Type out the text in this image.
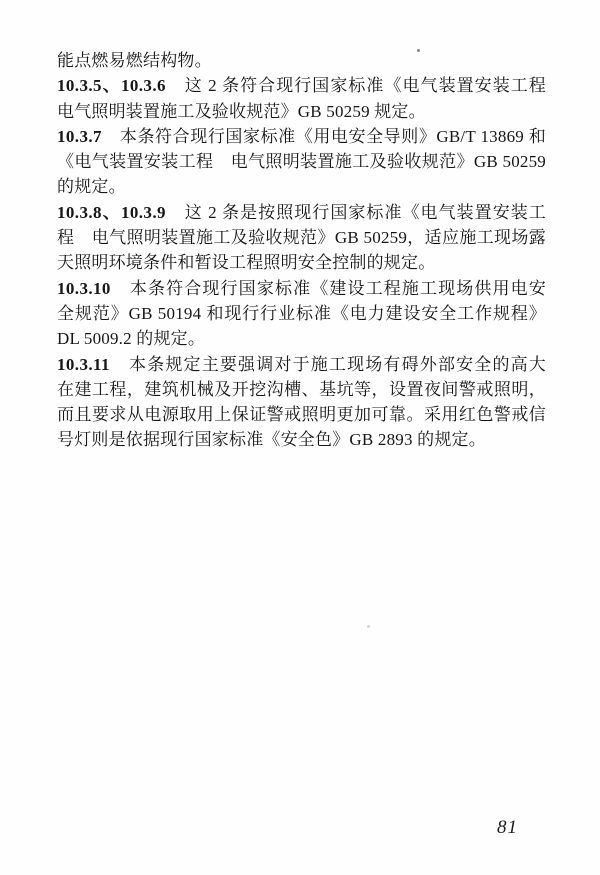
能点燃易燃结构物。
10.3.5、10.3.6　 这 2 条符合现行国家标准《电气装置安装工程
电气照明装置施工及验收规范》GB 50259 规定。
10.3.7　 本条符合现行国家标准《用电安全导则》GB/T 13869 和
《电气装置安装工程　电气照明装置施工及验收规范》GB 50259
的规定。
10.3.8、10.3.9　 这 2 条是按照现行国家标准《电气装置安装工
程　电气照明装置施工及验收规范》GB 50259，适应施工现场露
天照明环境条件和暂设工程照明安全控制的规定。
10.3.10　 本条符合现行国家标准《建设工程施工现场供用电安
全规范》GB 50194 和现行行业标准《电力建设安全工作规程》
DL 5009.2 的规定。
10.3.11　 本条规定主要强调对于施工现场有碍外部安全的高大
在建工程，建筑机械及开挖沟槽、基坑等，设置夜间警戒照明，
而且要求从电源取用上保证警戒照明更加可靠。采用红色警戒信
号灯则是依据现行国家标准《安全色》GB 2893 的规定。
81
